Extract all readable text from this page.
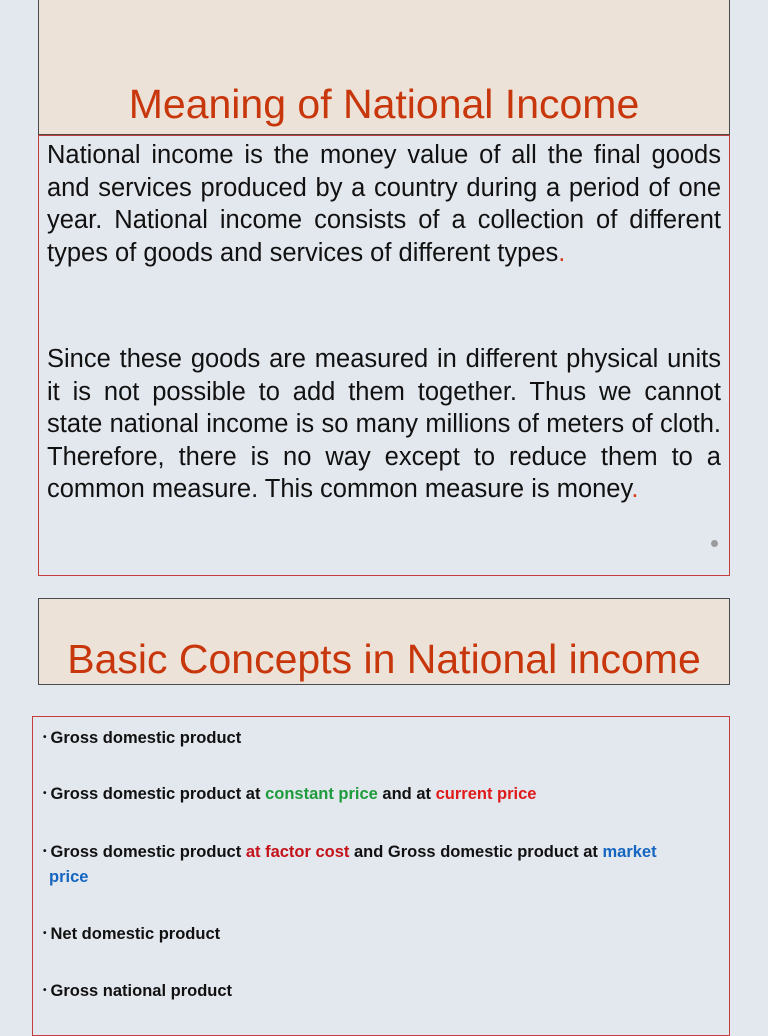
Meaning of National Income

National income is the money value of all the final goods and services produced by a country during a period of one year. National income consists of a collection of different types of goods and services of different types.

Since these goods are measured in different physical units it is not possible to add them together. Thus we cannot state national income is so many millions of meters of cloth. Therefore, there is no way except to reduce them to a common measure. This common measure is money.

Basic Concepts in National income
• Gross domestic product
• Gross domestic product at constant price and at current price
• Gross domestic product at factor cost and Gross domestic product at market
price
• Net domestic product
• Gross national product
